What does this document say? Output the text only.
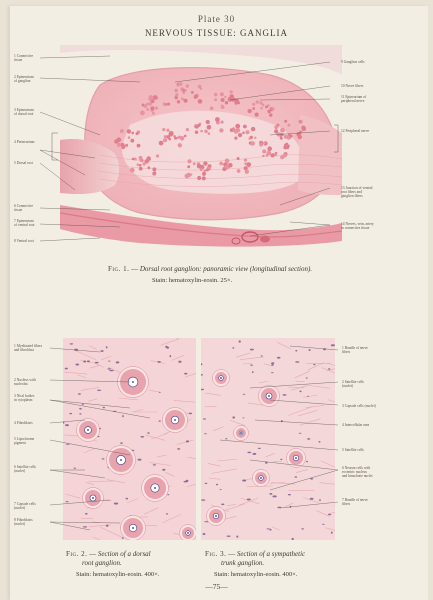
Plate 30
NERVOUS TISSUE: GANGLIA
1 Connective
tissue
2 Epineurium
of ganglion
3 Epineurium
of dorsal root
4 Perineurium
5 Dorsal root
6 Connective
tissue
7 Epineurium
of ventral root
8 Ventral root
9 Ganglion cells
10 Nerve fibers
11 Epineurium of
peripheral nerve
12 Peripheral nerve
13 Junction of ventral
root fibers and
ganglion fibers
14 Nerves, vein, artery
in connective tissue
Fig. 1. — Dorsal root ganglion: panoramic view (longitudinal section).
Stain: hematoxylin-eosin. 25×.
1 Myelinated fibers
and fibroblast
2 Nucleus with
nucleolus
3 Nissl bodies
in cytoplasm
4 Fibroblasts
5 Lipochrome
pigment
6 Satellite cells
(nuclei)
7 Capsule cells
(nuclei)
8 Fibroblasts
(nuclei)
1 Bundle of nerve
fibers
2 Satellite cells
(nuclei)
3 Capsule cells (nuclei)
4 Intercellular area
5 Satellite cells
6 Neuron cells with
eccentric nucleus
and binucleate nuclei
7 Bundle of nerve
fibers
Fig. 2. — Section of a dorsal
root ganglion.
Stain: hematoxylin-eosin. 400×.
Fig. 3. — Section of a sympathetic
trunk ganglion.
Stain: hematoxylin-eosin. 400×.
—75—
